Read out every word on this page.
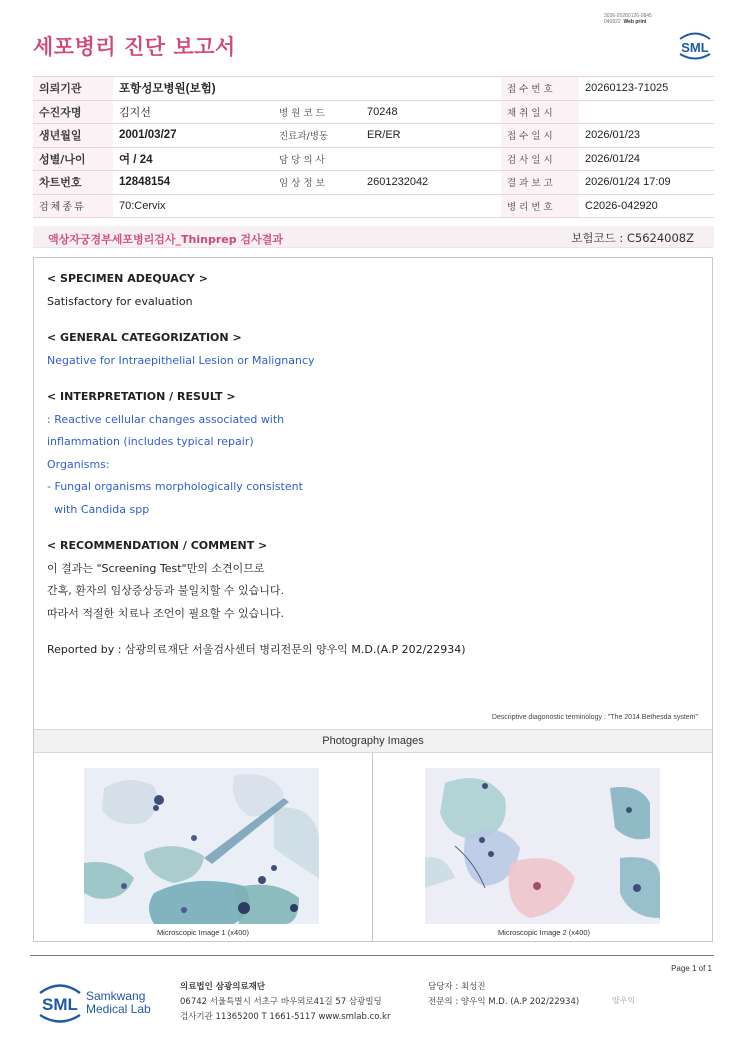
3036-20260126-0845
040822 Web print
세포병리 진단 보고서	SML
의뢰기관	포항성모병원(보험)			접수번호	20260123-71025
수진자명	김지선	병원코드	70248	채취일시	
생년월일	2001/03/27	진료과/병동	ER/ER	접수일시	2026/01/23
성별/나이	여 / 24	담당의사		검사일시	2026/01/24
차트번호	12848154	임상정보	2601232042	결과보고	2026/01/24 17:09
검체종류	70:Cervix			병리번호	C2026-042920
액상자궁경부세포병리검사_Thinprep 검사결과	보험코드 : C5624008Z
< SPECIMEN ADEQUACY >
Satisfactory for evaluation
< GENERAL CATEGORIZATION >
Negative for Intraepithelial Lesion or Malignancy
< INTERPRETATION / RESULT >
: Reactive cellular changes associated with
inflammation (includes typical repair)
Organisms:
- Fungal organisms morphologically consistent
with Candida spp
< RECOMMENDATION / COMMENT >
이 결과는 "Screening Test"만의 소견이므로
간혹, 환자의 임상증상등과 불일치할 수 있습니다.
따라서 적절한 치료나 조언이 필요할 수 있습니다.
Reported by : 삼광의료재단 서울검사센터 병리전문의 양우익 M.D.(A.P 202/22934)
Descriptive diagonostic terminology : "The 2014 Bethesda system"
Photography Images
Microscopic Image 1 (x400)	Microscopic Image 2 (x400)
Page 1 of 1
SML Samkwang
Medical Lab
의료법인 삼광의료재단
06742 서울특별시 서초구 바우뫼로41길 57 삼광빌딩
검사기관 11365200 T 1661-5117 www.smlab.co.kr
담당자 : 최성진
전문의 : 양우익 M.D. (A.P 202/22934)	양우익
